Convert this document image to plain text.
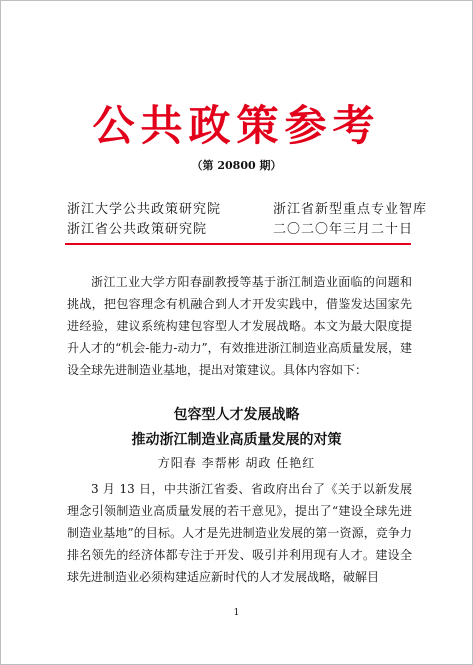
公共政策参考
（第 20800 期）
浙江大学公共政策研究院
浙江省公共政策研究院
浙江省新型重点专业智库
二〇二〇年三月二十日
浙江工业大学方阳春副教授等基于浙江制造业面临的问题和挑战，把包容理念有机融合到人才开发实践中，借鉴发达国家先进经验，建议系统构建包容型人才发展战略。本文为最大限度提升人才的“机会-能力-动力”，有效推进浙江制造业高质量发展，建设全球先进制造业基地，提出对策建议。具体内容如下：
包容型人才发展战略
推动浙江制造业高质量发展的对策
方阳春 李帮彬 胡政 任艳红
3 月 13 日，中共浙江省委、省政府出台了《关于以新发展理念引领制造业高质量发展的若干意见》，提出了“建设全球先进制造业基地”的目标。人才是先进制造业发展的第一资源，竞争力排名领先的经济体都专注于开发、吸引并利用现有人才。建设全球先进制造业必须构建适应新时代的人才发展战略，破解目
1
